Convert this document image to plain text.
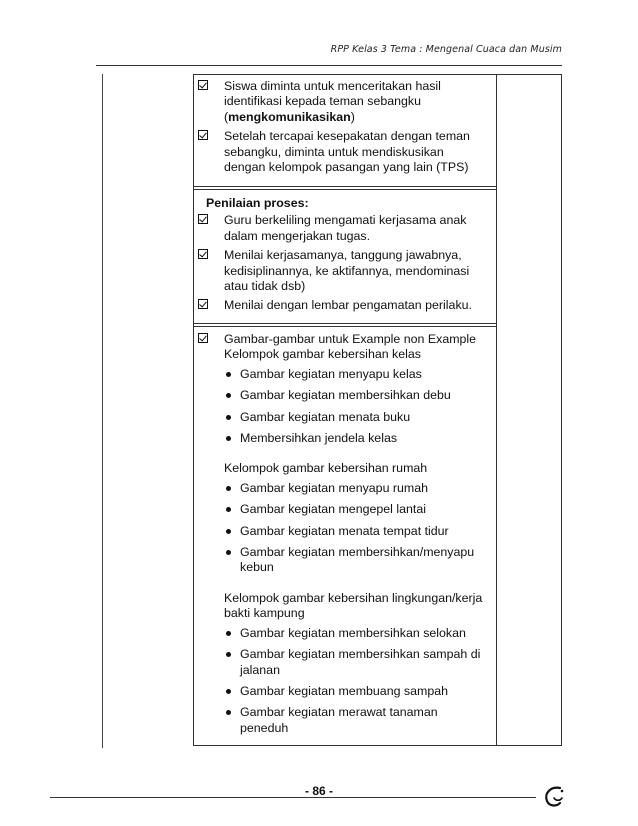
RPP Kelas 3 Tema : Mengenal Cuaca dan Musim
Siswa diminta untuk menceritakan hasil
identifikasi kepada teman sebangku
(mengkomunikasikan)
Setelah tercapai kesepakatan dengan teman
sebangku, diminta untuk mendiskusikan
dengan kelompok pasangan yang lain (TPS)
Penilaian proses:
Guru berkeliling mengamati kerjasama anak
dalam mengerjakan tugas.
Menilai kerjasamanya, tanggung jawabnya,
kedisiplinannya, ke aktifannya, mendominasi
atau tidak dsb)
Menilai dengan lembar pengamatan perilaku.
Gambar-gambar untuk Example non Example
Kelompok gambar kebersihan kelas
Gambar kegiatan menyapu kelas
Gambar kegiatan membersihkan debu
Gambar kegiatan menata buku
Membersihkan jendela kelas
Kelompok gambar kebersihan rumah
Gambar kegiatan menyapu rumah
Gambar kegiatan mengepel lantai
Gambar kegiatan menata tempat tidur
Gambar kegiatan membersihkan/menyapu
kebun
Kelompok gambar kebersihan lingkungan/kerja
bakti kampung
Gambar kegiatan membersihkan selokan
Gambar kegiatan membersihkan sampah di
jalanan
Gambar kegiatan membuang sampah
Gambar kegiatan merawat tanaman
peneduh
- 86 -
